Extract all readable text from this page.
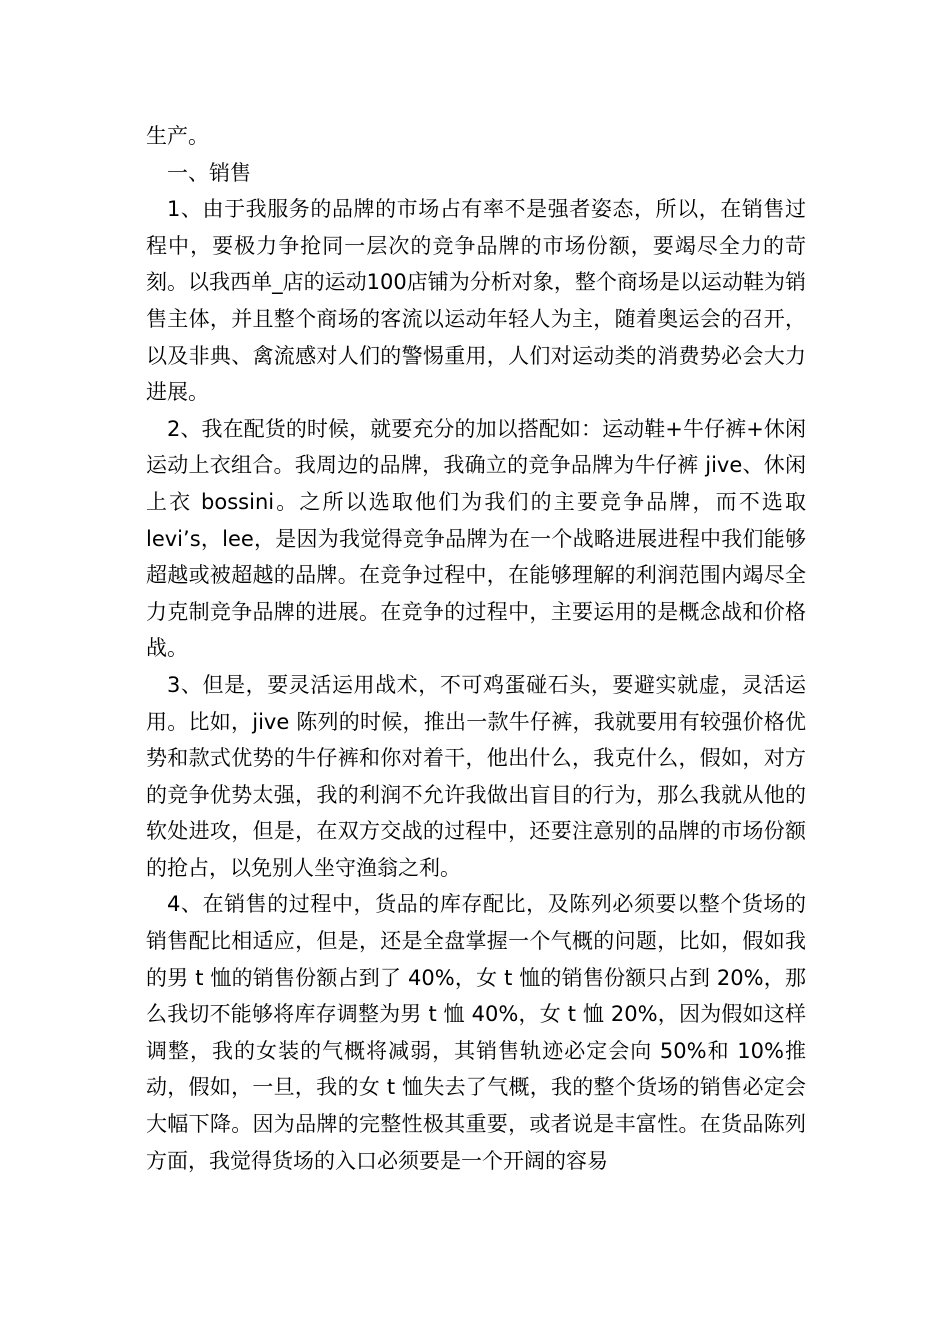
生产。

一、销售

1、由于我服务的品牌的市场占有率不是强者姿态，所以，在销售过程中，要极力争抢同一层次的竞争品牌的市场份额，要竭尽全力的苛刻。以我西单_店的运动100店铺为分析对象，整个商场是以运动鞋为销售主体，并且整个商场的客流以运动年轻人为主，随着奥运会的召开，以及非典、禽流感对人们的警惕重用，人们对运动类的消费势必会大力进展。

2、我在配货的时候，就要充分的加以搭配如：运动鞋+牛仔裤+休闲运动上衣组合。我周边的品牌，我确立的竞争品牌为牛仔裤 jive、休闲上衣 bossini。之所以选取他们为我们的主要竞争品牌，而不选取 levi’s，lee，是因为我觉得竞争品牌为在一个战略进展进程中我们能够超越或被超越的品牌。在竞争过程中，在能够理解的利润范围内竭尽全力克制竞争品牌的进展。在竞争的过程中，主要运用的是概念战和价格战。

3、但是，要灵活运用战术，不可鸡蛋碰石头，要避实就虚，灵活运用。比如，jive 陈列的时候，推出一款牛仔裤，我就要用有较强价格优势和款式优势的牛仔裤和你对着干，他出什么，我克什么，假如，对方的竞争优势太强，我的利润不允许我做出盲目的行为，那么我就从他的软处进攻，但是，在双方交战的过程中，还要注意别的品牌的市场份额的抢占，以免别人坐守渔翁之利。

4、在销售的过程中，货品的库存配比，及陈列必须要以整个货场的销售配比相适应，但是，还是全盘掌握一个气概的问题，比如，假如我的男 t 恤的销售份额占到了 40%，女 t 恤的销售份额只占到 20%，那么我切不能够将库存调整为男 t 恤 40%，女 t 恤 20%，因为假如这样调整，我的女装的气概将减弱，其销售轨迹必定会向 50%和 10%推动，假如，一旦，我的女 t 恤失去了气概，我的整个货场的销售必定会大幅下降。因为品牌的完整性极其重要，或者说是丰富性。在货品陈列方面，我觉得货场的入口必须要是一个开阔的容易
